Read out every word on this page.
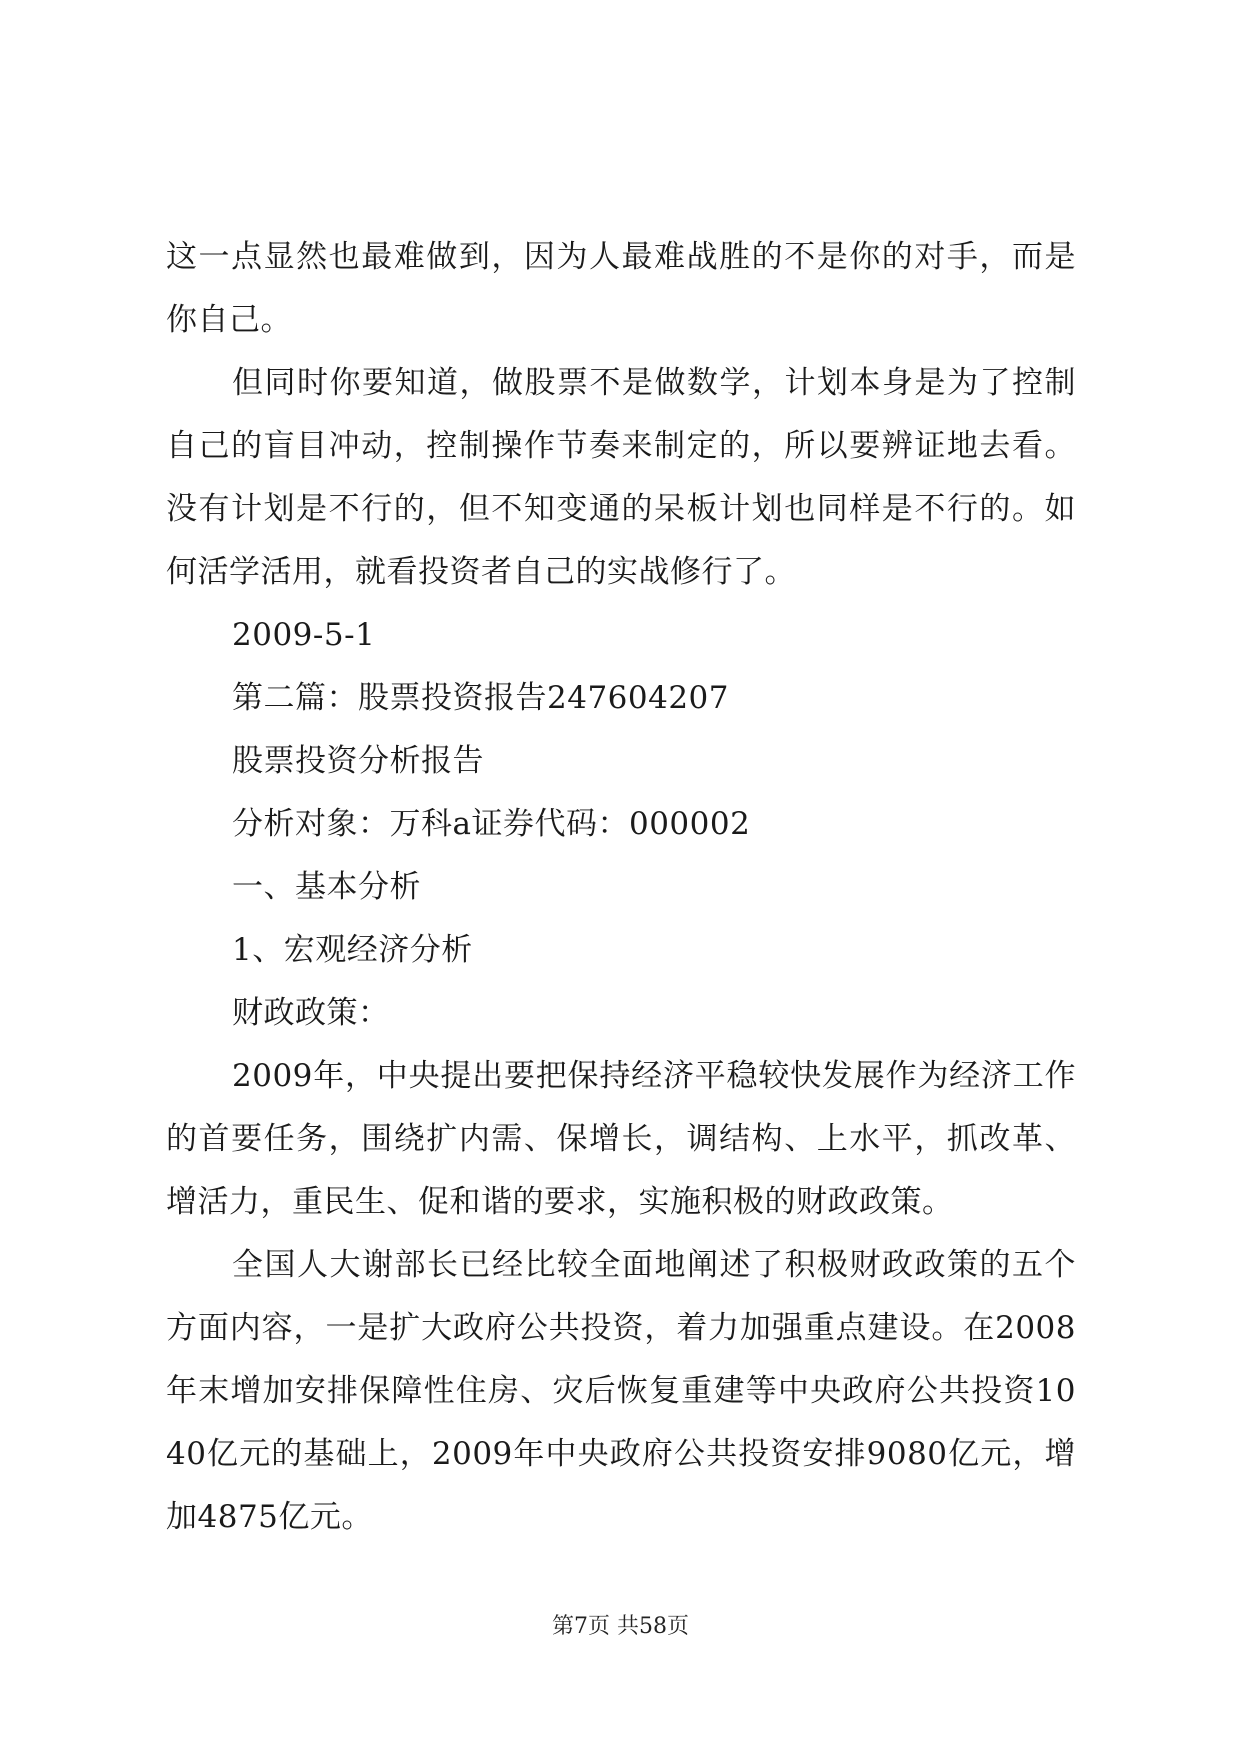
这一点显然也最难做到，因为人最难战胜的不是你的对手，而是你自己。

但同时你要知道，做股票不是做数学，计划本身是为了控制自己的盲目冲动，控制操作节奏来制定的，所以要辨证地去看。没有计划是不行的，但不知变通的呆板计划也同样是不行的。如何活学活用，就看投资者自己的实战修行了。

2009-5-1

第二篇：股票投资报告247604207

股票投资分析报告

分析对象：万科a证券代码：000002

一、基本分析

1、宏观经济分析

财政政策：

2009年，中央提出要把保持经济平稳较快发展作为经济工作的首要任务，围绕扩内需、保增长，调结构、上水平，抓改革、增活力，重民生、促和谐的要求，实施积极的财政政策。

全国人大谢部长已经比较全面地阐述了积极财政政策的五个方面内容，一是扩大政府公共投资，着力加强重点建设。在2008年末增加安排保障性住房、灾后恢复重建等中央政府公共投资1040亿元的基础上，2009年中央政府公共投资安排9080亿元，增加4875亿元。

第7页 共58页
